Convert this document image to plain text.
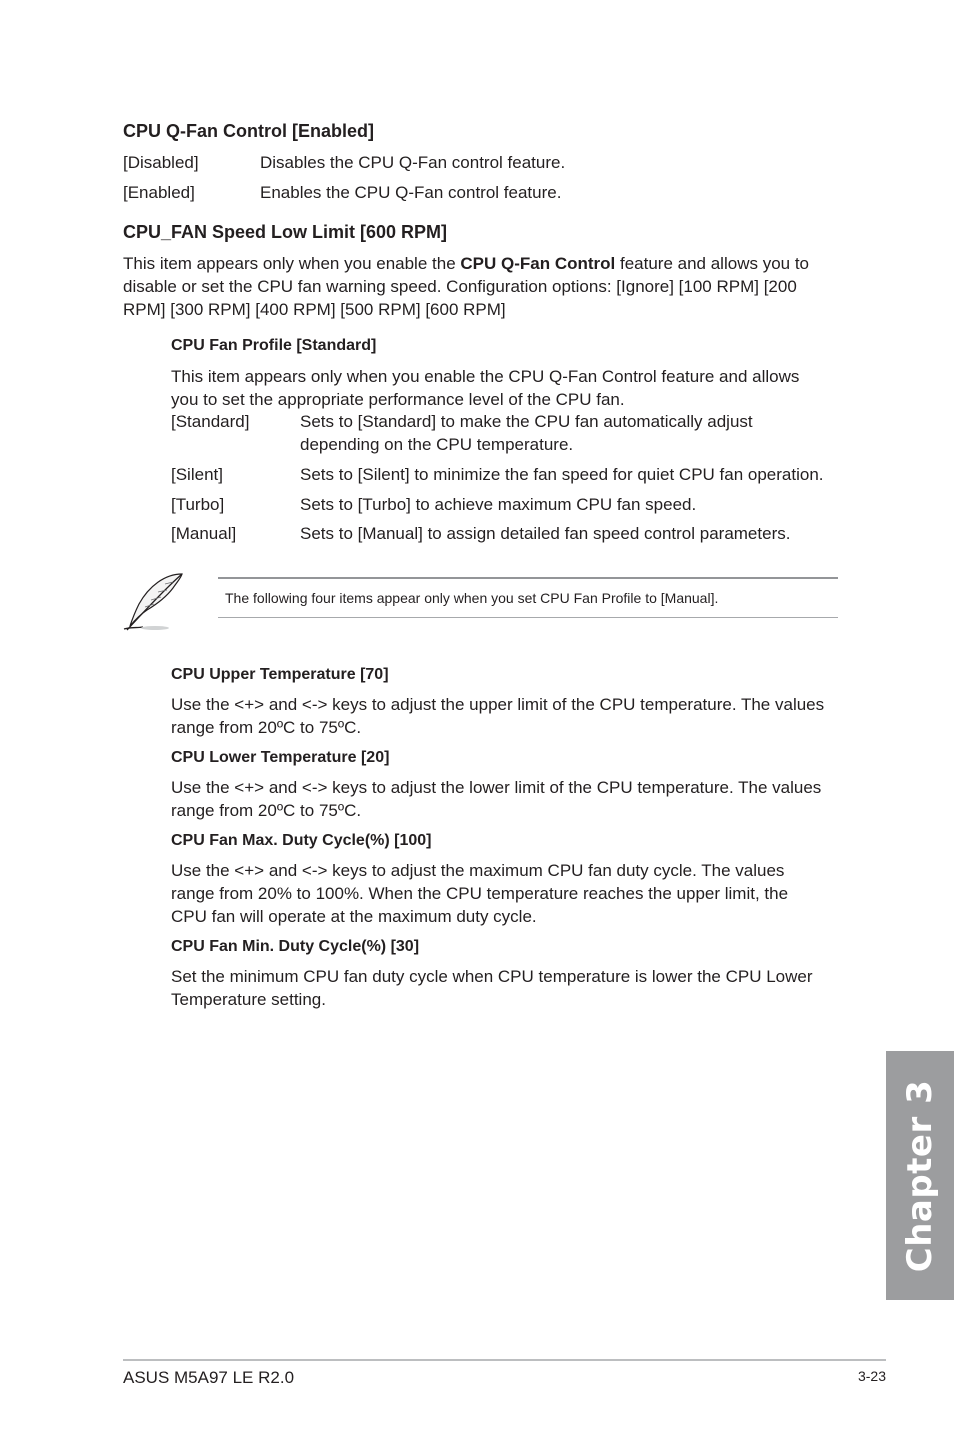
CPU Q-Fan Control [Enabled]
[Disabled]	Disables the CPU Q-Fan control feature.
[Enabled]	Enables the CPU Q-Fan control feature.
CPU_FAN Speed Low Limit [600 RPM]
This item appears only when you enable the CPU Q-Fan Control feature and allows you to
disable or set the CPU fan warning speed. Configuration options: [Ignore] [100 RPM] [200
RPM] [300 RPM] [400 RPM] [500 RPM] [600 RPM]
CPU Fan Profile [Standard]
This item appears only when you enable the CPU Q-Fan Control feature and allows
you to set the appropriate performance level of the CPU fan.
[Standard]	Sets to [Standard] to make the CPU fan automatically adjust
depending on the CPU temperature.
[Silent]	Sets to [Silent] to minimize the fan speed for quiet CPU fan operation.
[Turbo]	Sets to [Turbo] to achieve maximum CPU fan speed.
[Manual]	Sets to [Manual] to assign detailed fan speed control parameters.
The following four items appear only when you set CPU Fan Profile to [Manual].
CPU Upper Temperature [70]
Use the <+> and <-> keys to adjust the upper limit of the CPU temperature. The values
range from 20ºC to 75ºC.
CPU Lower Temperature [20]
Use the <+> and <-> keys to adjust the lower limit of the CPU temperature. The values
range from 20ºC to 75ºC.
CPU Fan Max. Duty Cycle(%) [100]
Use the <+> and <-> keys to adjust the maximum CPU fan duty cycle. The values
range from 20% to 100%. When the CPU temperature reaches the upper limit, the
CPU fan will operate at the maximum duty cycle.
CPU Fan Min. Duty Cycle(%) [30]
Set the minimum CPU fan duty cycle when CPU temperature is lower the CPU Lower
Temperature setting.
Chapter 3
ASUS M5A97 LE R2.0	3-23
